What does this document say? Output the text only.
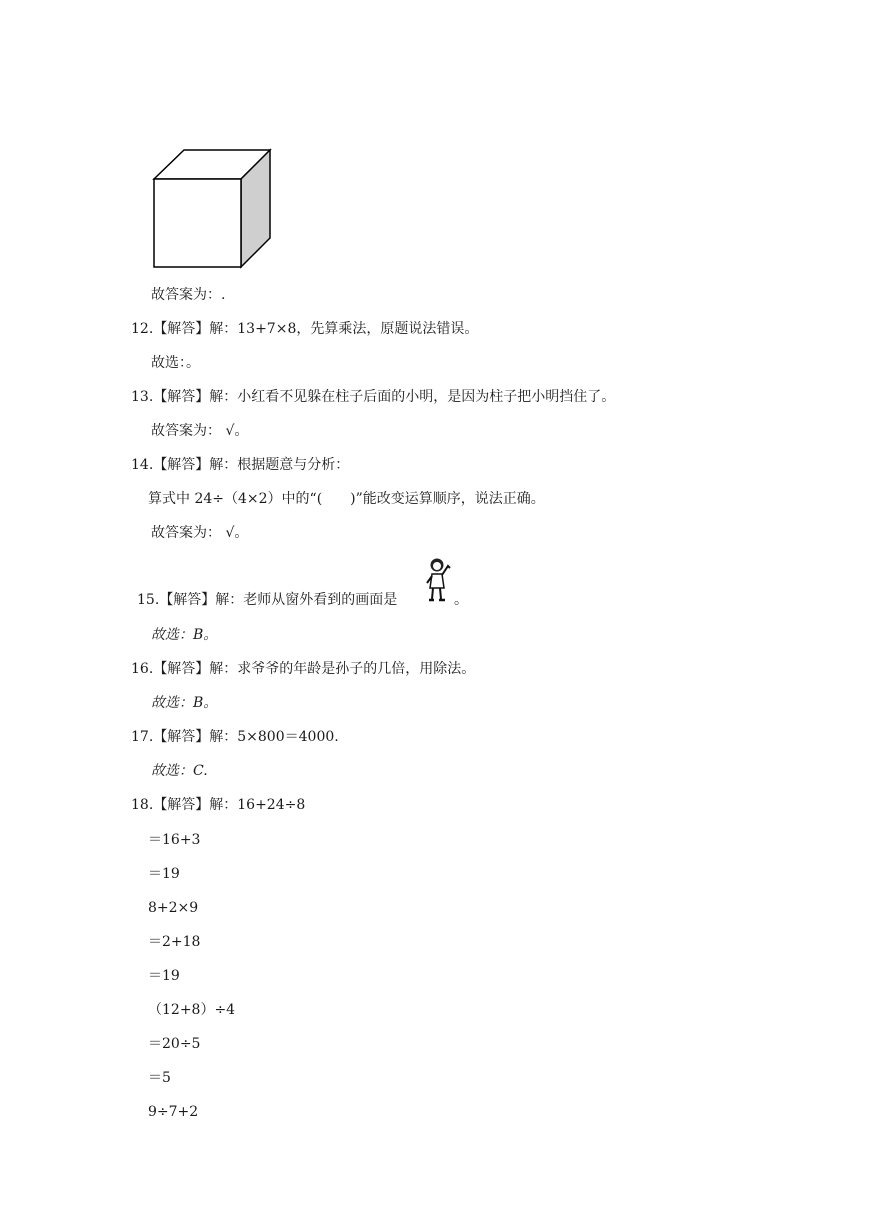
故答案为：.
12.【解答】解：13+7×8，先算乘法，原题说法错误。
故选：。
13.【解答】解：小红看不见躲在柱子后面的小明，是因为柱子把小明挡住了。
故答案为： √。
14.【解答】解：根据题意与分析：
算式中 24÷（4×2）中的“(　　)”能改变运算顺序，说法正确。
故答案为： √。
15.【解答】解：老师从窗外看到的画面是	。
故选：B。
16.【解答】解：求爷爷的年龄是孙子的几倍，用除法。
故选：B。
17.【解答】解：5×800＝4000.
故选：C.
18.【解答】解：16+24÷8
＝16+3
＝19
8+2×9
＝2+18
＝19
（12+8）÷4
＝20÷5
＝5
9÷7+2
